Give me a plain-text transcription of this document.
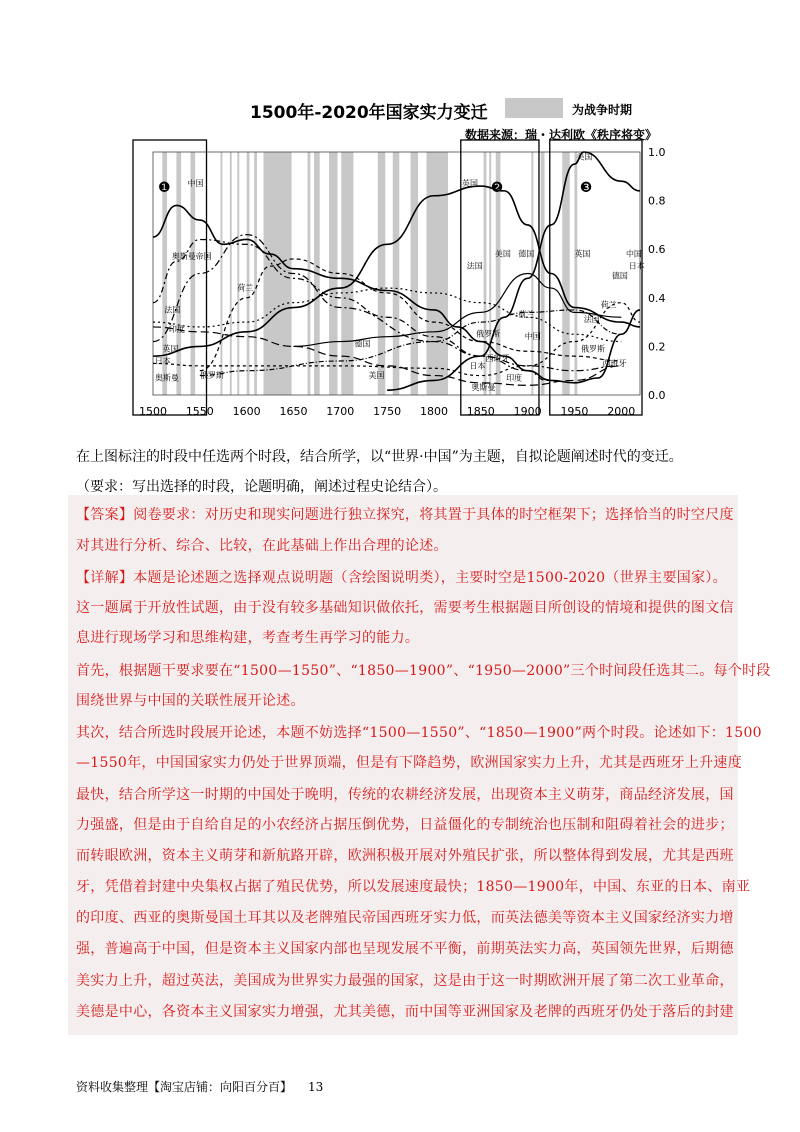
1500年-2020年国家实力变迁	为战争时期
数据来源：瑞・达利欧《秩序将变》
❶	❷	❸
1500 1550 1600 1650 1700 1750 1800 1850 1900 1950 2000
1.0
0.8
0.6
0.4
0.2
0.0
中国
奥斯曼帝国
荷兰
法国
印度
英国
日本
奥斯曼	俄罗斯
德国
美国
英国
美国 德国
法国
荷兰
俄罗斯
西班牙
中国
日本
印度
奥斯曼
美国
英国	中国
日本
法国
荷兰
俄罗斯
西班牙
德国
在上图标注的时段中任选两个时段，结合所学，以“世界·中国”为主题，自拟论题阐述时代的变迁。
（要求：写出选择的时段，论题明确，阐述过程史论结合）。
【答案】阅卷要求：对历史和现实问题进行独立探究，将其置于具体的时空框架下；选择恰当的时空尺度
对其进行分析、综合、比较，在此基础上作出合理的论述。
【详解】本题是论述题之选择观点说明题（含绘图说明类），主要时空是1500-2020（世界主要国家）。
这一题属于开放性试题，由于没有较多基础知识做依托，需要考生根据题目所创设的情境和提供的图文信
息进行现场学习和思维构建，考查考生再学习的能力。
首先，根据题干要求要在“1500—1550”、“1850—1900”、“1950—2000”三个时间段任选其二。每个时段
围绕世界与中国的关联性展开论述。
其次，结合所选时段展开论述，本题不妨选择“1500—1550”、“1850—1900”两个时段。论述如下：1500
—1550年，中国国家实力仍处于世界顶端，但是有下降趋势，欧洲国家实力上升，尤其是西班牙上升速度
最快，结合所学这一时期的中国处于晚明，传统的农耕经济发展，出现资本主义萌芽，商品经济发展，国
力强盛，但是由于自给自足的小农经济占据压倒优势，日益僵化的专制统治也压制和阻碍着社会的进步；
而转眼欧洲，资本主义萌芽和新航路开辟，欧洲积极开展对外殖民扩张，所以整体得到发展，尤其是西班
牙，凭借着封建中央集权占据了殖民优势，所以发展速度最快；1850—1900年，中国、东亚的日本、南亚
的印度、西亚的奥斯曼国土耳其以及老牌殖民帝国西班牙实力低，而英法德美等资本主义国家经济实力增
强，普遍高于中国，但是资本主义国家内部也呈现发展不平衡，前期英法实力高，英国领先世界，后期德
美实力上升，超过英法，美国成为世界实力最强的国家，这是由于这一时期欧洲开展了第二次工业革命，
美德是中心，各资本主义国家实力增强，尤其美德，而中国等亚洲国家及老牌的西班牙仍处于落后的封建
资料收集整理【淘宝店铺：向阳百分百】 13
